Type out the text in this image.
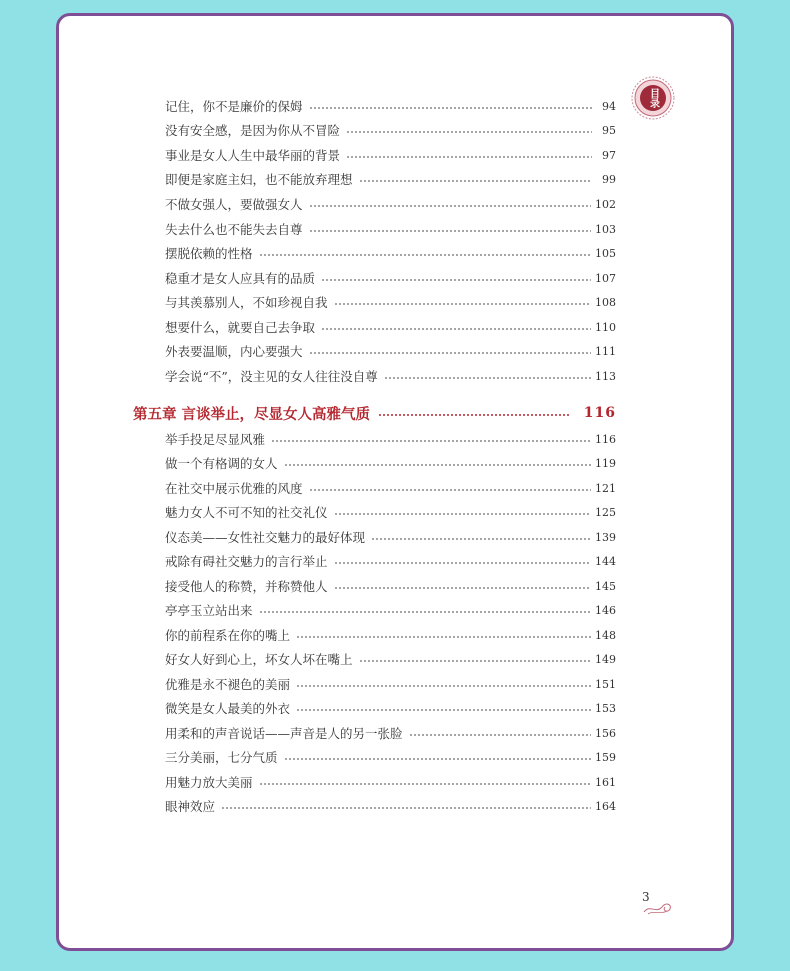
目录
记住，你不是廉价的保姆	94
没有安全感，是因为你从不冒险	95
事业是女人人生中最华丽的背景	97
即便是家庭主妇，也不能放弃理想	99
不做女强人，要做强女人	102
失去什么也不能失去自尊	103
摆脱依赖的性格	105
稳重才是女人应具有的品质	107
与其羡慕别人，不如珍视自我	108
想要什么，就要自己去争取	110
外表要温顺，内心要强大	111
学会说“不”，没主见的女人往往没自尊	113
第五章 言谈举止，尽显女人高雅气质	116
举手投足尽显风雅	116
做一个有格调的女人	119
在社交中展示优雅的风度	121
魅力女人不可不知的社交礼仪	125
仪态美——女性社交魅力的最好体现	139
戒除有碍社交魅力的言行举止	144
接受他人的称赞，并称赞他人	145
亭亭玉立站出来	146
你的前程系在你的嘴上	148
好女人好到心上，坏女人坏在嘴上	149
优雅是永不褪色的美丽	151
微笑是女人最美的外衣	153
用柔和的声音说话——声音是人的另一张脸	156
三分美丽，七分气质	159
用魅力放大美丽	161
眼神效应	164
3
